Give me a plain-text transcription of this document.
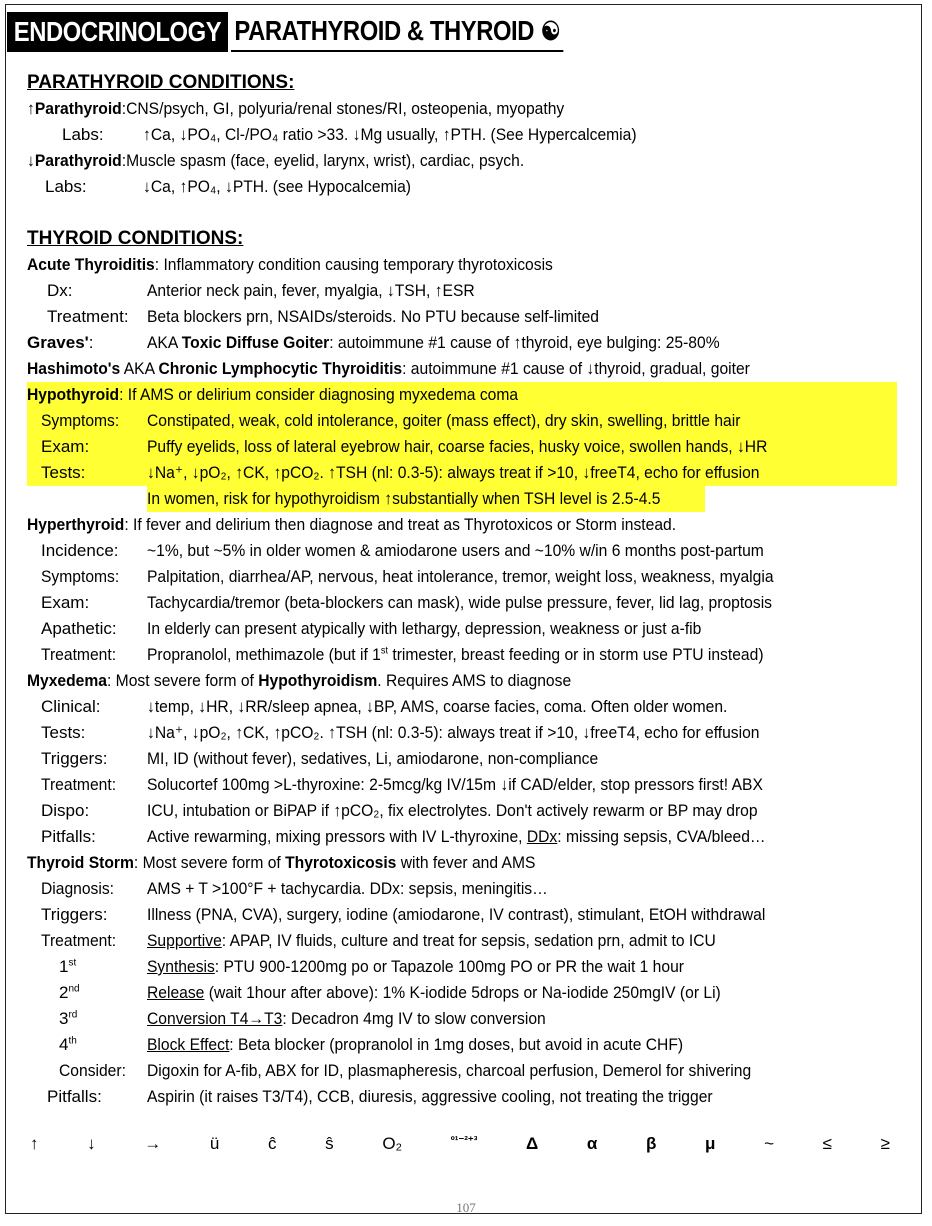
ENDOCRINOLOGY PARATHYROID & THYROID ☯
PARATHYROID CONDITIONS:
↑Parathyroid:CNS/psych, GI, polyuria/renal stones/RI, osteopenia, myopathy
Labs:	↑Ca, ↓PO₄, Cl-/PO₄ ratio >33. ↓Mg usually, ↑PTH. (See Hypercalcemia)
↓Parathyroid:Muscle spasm (face, eyelid, larynx, wrist), cardiac, psych.
Labs:	↓Ca, ↑PO₄, ↓PTH. (see Hypocalcemia)
THYROID CONDITIONS:
Acute Thyroiditis: Inflammatory condition causing temporary thyrotoxicosis
Dx:	Anterior neck pain, fever, myalgia, ↓TSH, ↑ESR
Treatment:	Beta blockers prn, NSAIDs/steroids. No PTU because self-limited
Graves':	AKA Toxic Diffuse Goiter: autoimmune #1 cause of ↑thyroid, eye bulging: 25-80%
Hashimoto's AKA Chronic Lymphocytic Thyroiditis: autoimmune #1 cause of ↓thyroid, gradual, goiter
Hypothyroid: If AMS or delirium consider diagnosing myxedema coma
Symptoms:	Constipated, weak, cold intolerance, goiter (mass effect), dry skin, swelling, brittle hair
Exam:	Puffy eyelids, loss of lateral eyebrow hair, coarse facies, husky voice, swollen hands, ↓HR
Tests:	↓Na⁺, ↓pO₂, ↑CK, ↑pCO₂. ↑TSH (nl: 0.3-5): always treat if >10, ↓freeT4, echo for effusion
In women, risk for hypothyroidism ↑substantially when TSH level is 2.5-4.5
Hyperthyroid: If fever and delirium then diagnose and treat as Thyrotoxicos or Storm instead.
Incidence:	~1%, but ~5% in older women & amiodarone users and ~10% w/in 6 months post-partum
Symptoms:	Palpitation, diarrhea/AP, nervous, heat intolerance, tremor, weight loss, weakness, myalgia
Exam:	Tachycardia/tremor (beta-blockers can mask), wide pulse pressure, fever, lid lag, proptosis
Apathetic:	In elderly can present atypically with lethargy, depression, weakness or just a-fib
Treatment:	Propranolol, methimazole (but if 1st trimester, breast feeding or in storm use PTU instead)
Myxedema: Most severe form of Hypothyroidism. Requires AMS to diagnose
Clinical:	↓temp, ↓HR, ↓RR/sleep apnea, ↓BP, AMS, coarse facies, coma. Often older women.
Tests:	↓Na⁺, ↓pO₂, ↑CK, ↑pCO₂. ↑TSH (nl: 0.3-5): always treat if >10, ↓freeT4, echo for effusion
Triggers:	MI, ID (without fever), sedatives, Li, amiodarone, non-compliance
Treatment:	Solucortef 100mg >L-thyroxine: 2-5mcg/kg IV/15m ↓if CAD/elder, stop pressors first! ABX
Dispo:	ICU, intubation or BiPAP if ↑pCO₂, fix electrolytes. Don't actively rewarm or BP may drop
Pitfalls:	Active rewarming, mixing pressors with IV L-thyroxine, DDx: missing sepsis, CVA/bleed…
Thyroid Storm: Most severe form of Thyrotoxicosis with fever and AMS
Diagnosis:	AMS + T >100°F + tachycardia. DDx: sepsis, meningitis…
Triggers:	Illness (PNA, CVA), surgery, iodine (amiodarone, IV contrast), stimulant, EtOH withdrawal
Treatment:	Supportive: APAP, IV fluids, culture and treat for sepsis, sedation prn, admit to ICU
1st	Synthesis: PTU 900-1200mg po or Tapazole 100mg PO or PR the wait 1 hour
2nd	Release (wait 1hour after above): 1% K-iodide 5drops or Na-iodide 250mgIV (or Li)
3rd	Conversion T4→T3: Decadron 4mg IV to slow conversion
4th	Block Effect: Beta blocker (propranolol in 1mg doses, but avoid in acute CHF)
Consider:	Digoxin for A-fib, ABX for ID, plasmapheresis, charcoal perfusion, Demerol for shivering
Pitfalls:	Aspirin (it raises T3/T4), CCB, diuresis, aggressive cooling, not treating the trigger
↑	↓	→	ü	ĉ	ŝ	O₂	º¹⁻²⁺³	Δ	α	β	μ	~	≤	≥
107
